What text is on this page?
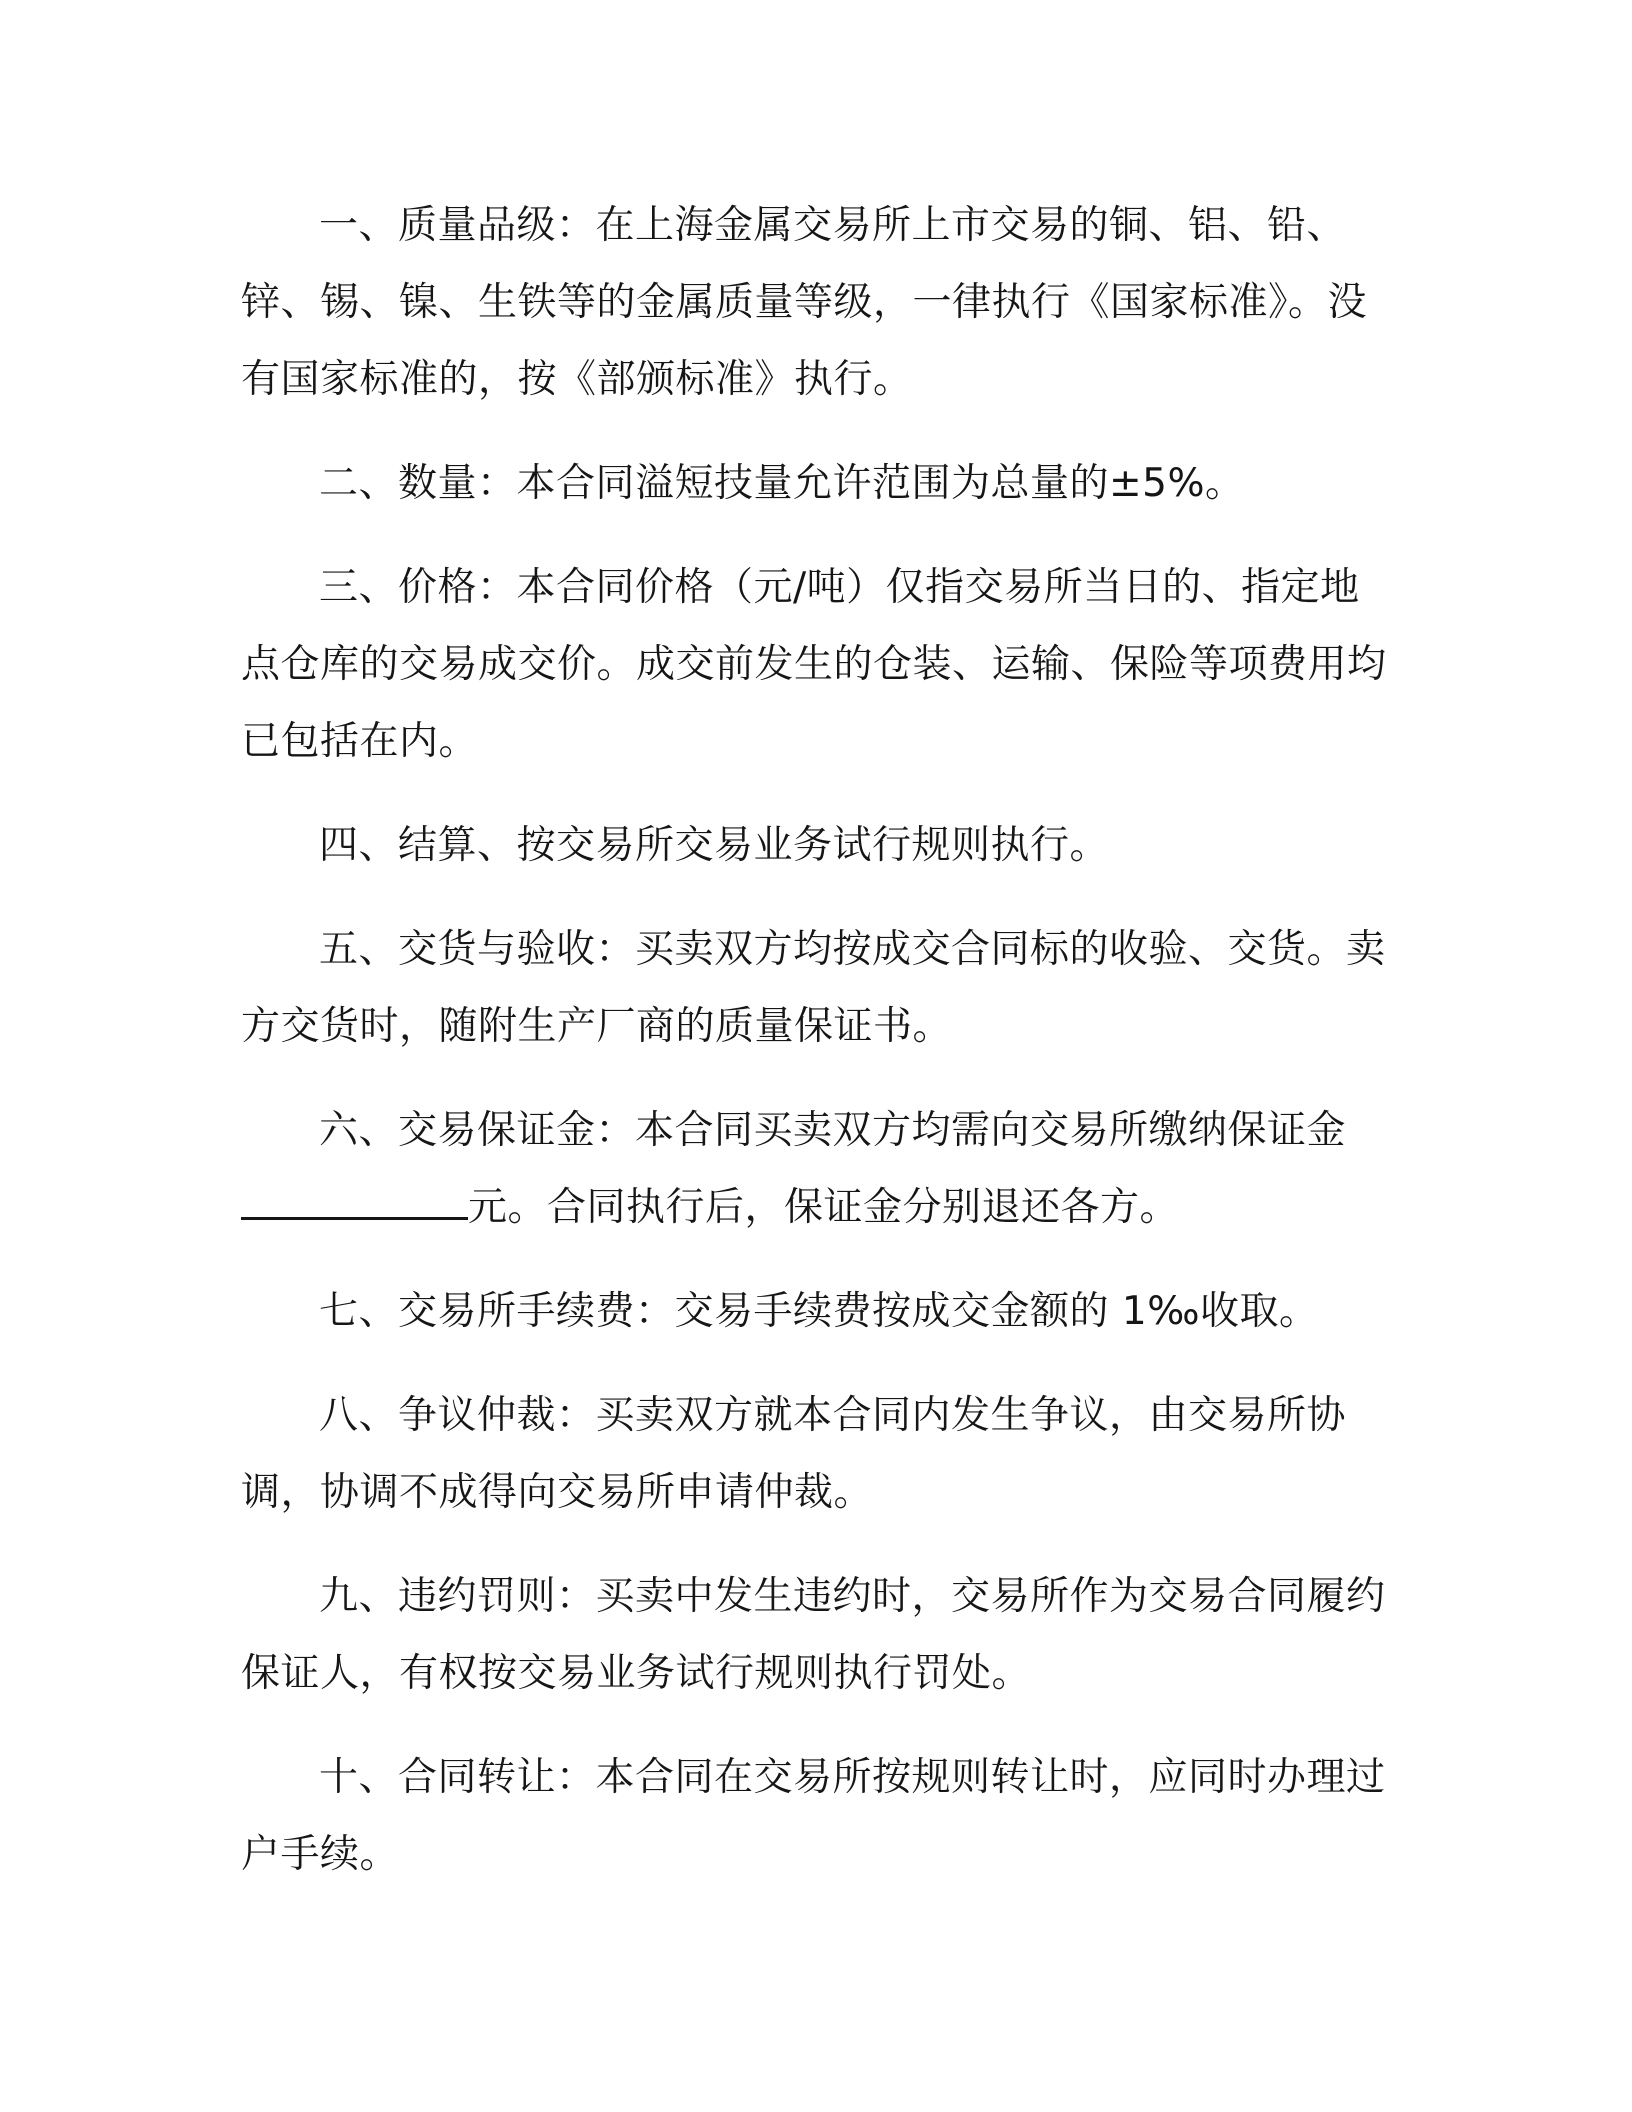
一、质量品级：在上海金属交易所上市交易的铜、铝、铅、锌、锡、镍、生铁等的金属质量等级，一律执行《国家标准》。没有国家标准的，按《部颁标准》执行。

二、数量：本合同溢短技量允许范围为总量的±5%。

三、价格：本合同价格（元/吨）仅指交易所当日的、指定地点仓库的交易成交价。成交前发生的仓装、运输、保险等项费用均已包括在内。

四、结算、按交易所交易业务试行规则执行。

五、交货与验收：买卖双方均按成交合同标的收验、交货。卖方交货时，随附生产厂商的质量保证书。

六、交易保证金：本合同买卖双方均需向交易所缴纳保证金
元。合同执行后，保证金分别退还各方。

七、交易所手续费：交易手续费按成交金额的 1‰收取。

八、争议仲裁：买卖双方就本合同内发生争议，由交易所协调，协调不成得向交易所申请仲裁。

九、违约罚则：买卖中发生违约时，交易所作为交易合同履约保证人，有权按交易业务试行规则执行罚处。

十、合同转让：本合同在交易所按规则转让时，应同时办理过户手续。
